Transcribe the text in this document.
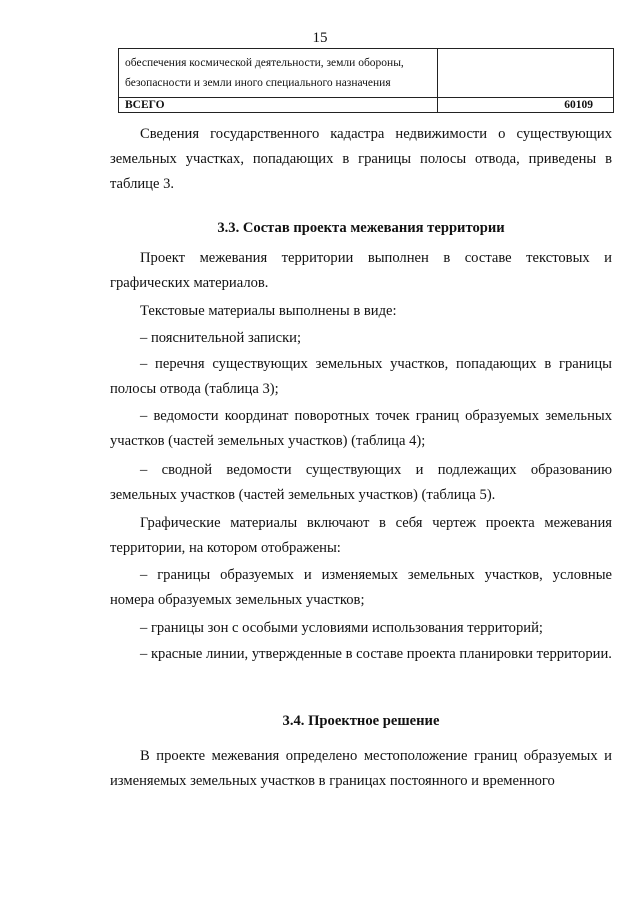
15
обеспечения космической деятельности, земли обороны,
безопасности и земли иного специального назначения	

ВСЕГО	60109
Сведения государственного кадастра недвижимости о существующих земельных участках, попадающих в границы полосы отвода, приведены в таблице 3.
3.3. Состав проекта межевания территории
Проект межевания территории выполнен в составе текстовых и графических материалов.
Текстовые материалы выполнены в виде:
– пояснительной записки;
– перечня существующих земельных участков, попадающих в границы полосы отвода (таблица 3);
– ведомости координат поворотных точек границ образуемых земельных участков (частей земельных участков) (таблица 4);
– сводной ведомости существующих и подлежащих образованию земельных участков (частей земельных участков) (таблица 5).
Графические материалы включают в себя чертеж проекта межевания территории, на котором отображены:
– границы образуемых и изменяемых земельных участков, условные номера образуемых земельных участков;
– границы зон с особыми условиями использования территорий;
– красные линии, утвержденные в составе проекта планировки территории.
3.4. Проектное решение
В проекте межевания определено местоположение границ образуемых и изменяемых земельных участков в границах постоянного и временного
